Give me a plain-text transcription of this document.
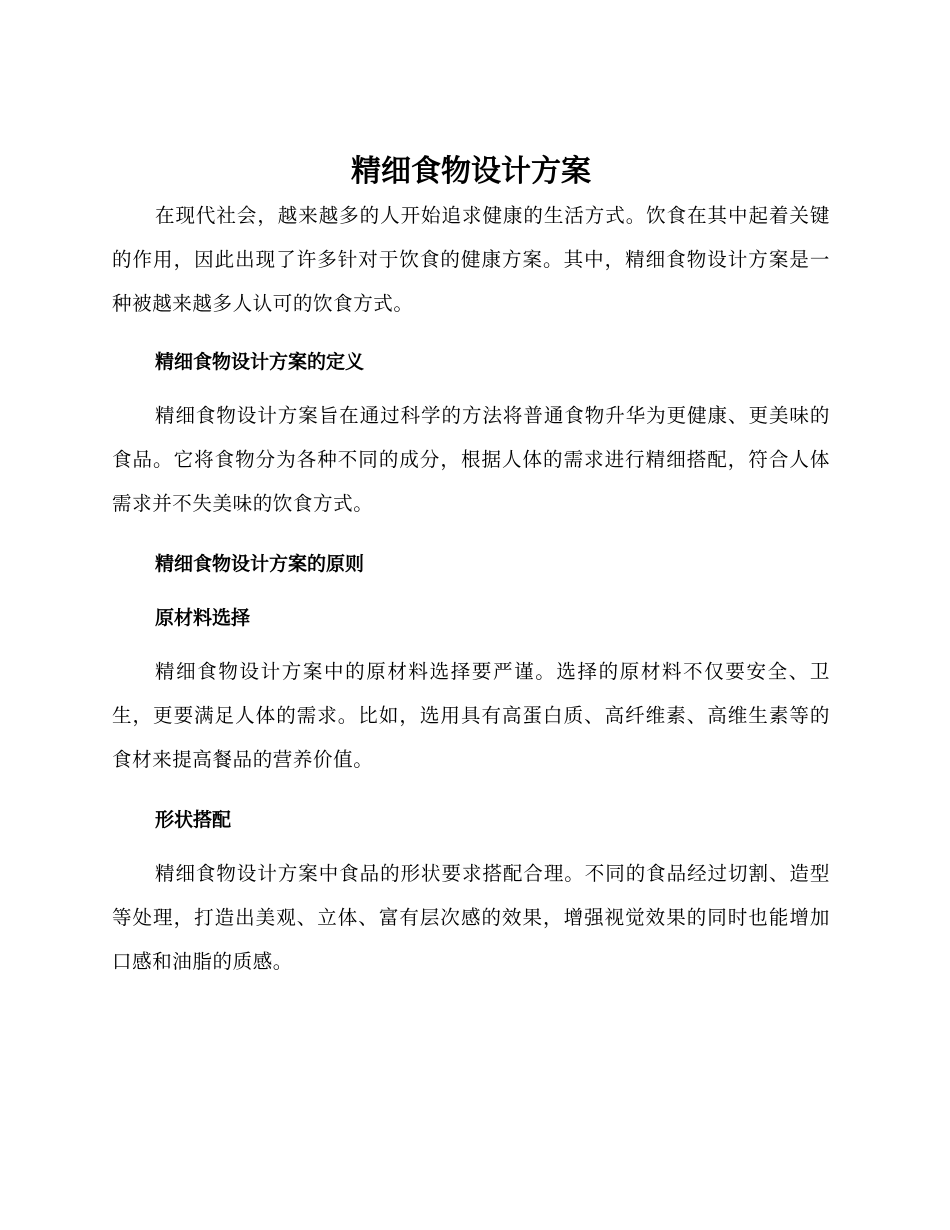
精细食物设计方案

在现代社会，越来越多的人开始追求健康的生活方式。饮食在其中起着关键的作用，因此出现了许多针对于饮食的健康方案。其中，精细食物设计方案是一种被越来越多人认可的饮食方式。

精细食物设计方案的定义

精细食物设计方案旨在通过科学的方法将普通食物升华为更健康、更美味的食品。它将食物分为各种不同的成分，根据人体的需求进行精细搭配，符合人体需求并不失美味的饮食方式。

精细食物设计方案的原则
原材料选择

精细食物设计方案中的原材料选择要严谨。选择的原材料不仅要安全、卫生，更要满足人体的需求。比如，选用具有高蛋白质、高纤维素、高维生素等的食材来提高餐品的营养价值。

形状搭配

精细食物设计方案中食品的形状要求搭配合理。不同的食品经过切割、造型等处理，打造出美观、立体、富有层次感的效果，增强视觉效果的同时也能增加口感和油脂的质感。
